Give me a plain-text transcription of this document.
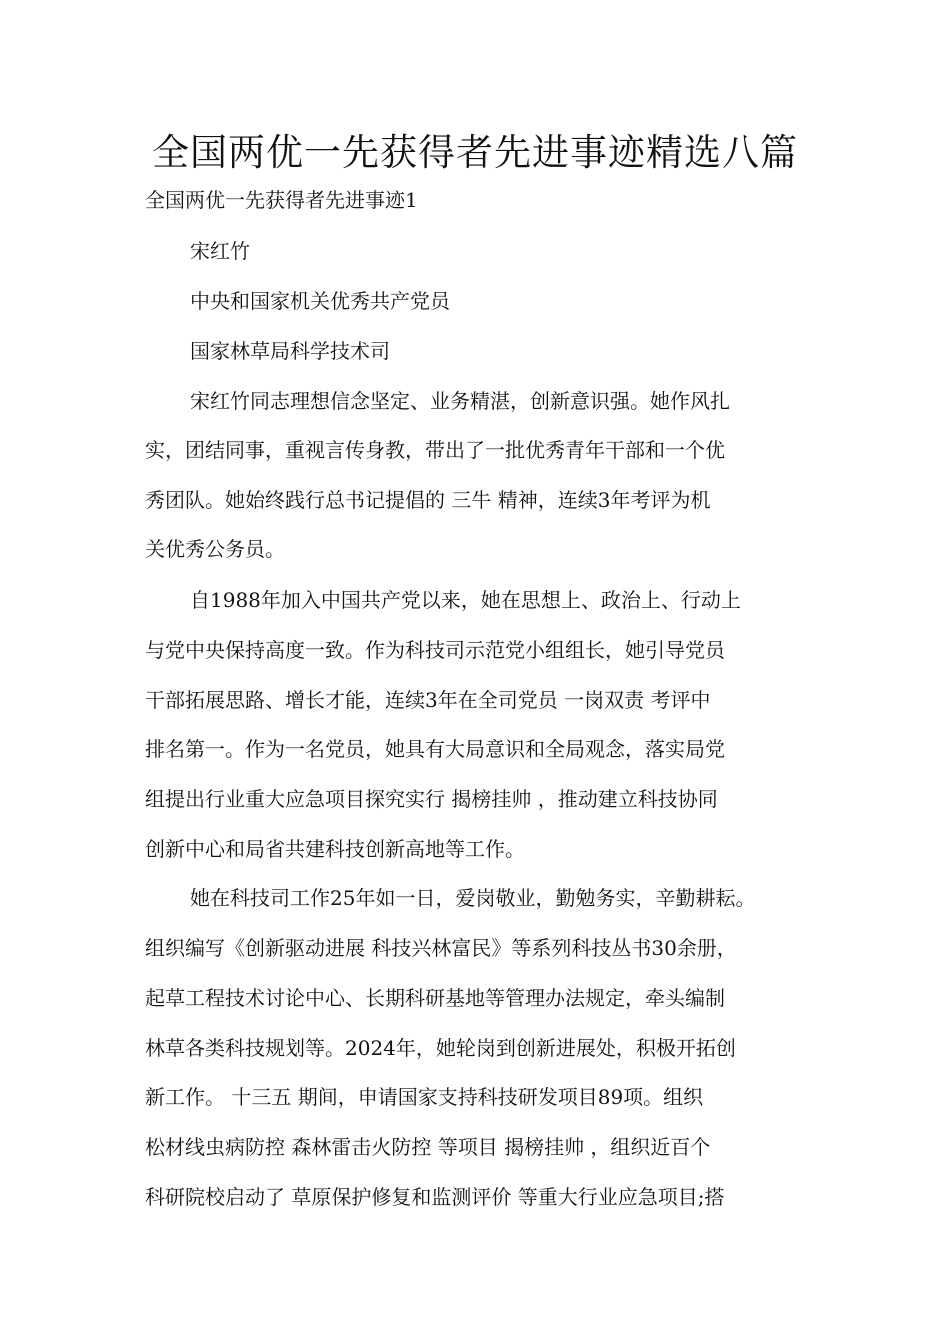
全国两优一先获得者先进事迹精选八篇
全国两优一先获得者先进事迹1
宋红竹
中央和国家机关优秀共产党员
国家林草局科学技术司
宋红竹同志理想信念坚定、业务精湛，创新意识强。她作风扎
实，团结同事，重视言传身教，带出了一批优秀青年干部和一个优
秀团队。她始终践行总书记提倡的 三牛 精神，连续3年考评为机
关优秀公务员。
自1988年加入中国共产党以来，她在思想上、政治上、行动上
与党中央保持高度一致。作为科技司示范党小组组长，她引导党员
干部拓展思路、增长才能，连续3年在全司党员 一岗双责 考评中
排名第一。作为一名党员，她具有大局意识和全局观念，落实局党
组提出行业重大应急项目探究实行 揭榜挂帅 ，推动建立科技协同
创新中心和局省共建科技创新高地等工作。
她在科技司工作25年如一日，爱岗敬业，勤勉务实，辛勤耕耘。
组织编写《创新驱动进展 科技兴林富民》等系列科技丛书30余册，
起草工程技术讨论中心、长期科研基地等管理办法规定，牵头编制
林草各类科技规划等。2024年，她轮岗到创新进展处，积极开拓创
新工作。 十三五 期间，申请国家支持科技研发项目89项。组织
松材线虫病防控 森林雷击火防控 等项目 揭榜挂帅 ，组织近百个
科研院校启动了 草原保护修复和监测评价 等重大行业应急项目;搭
